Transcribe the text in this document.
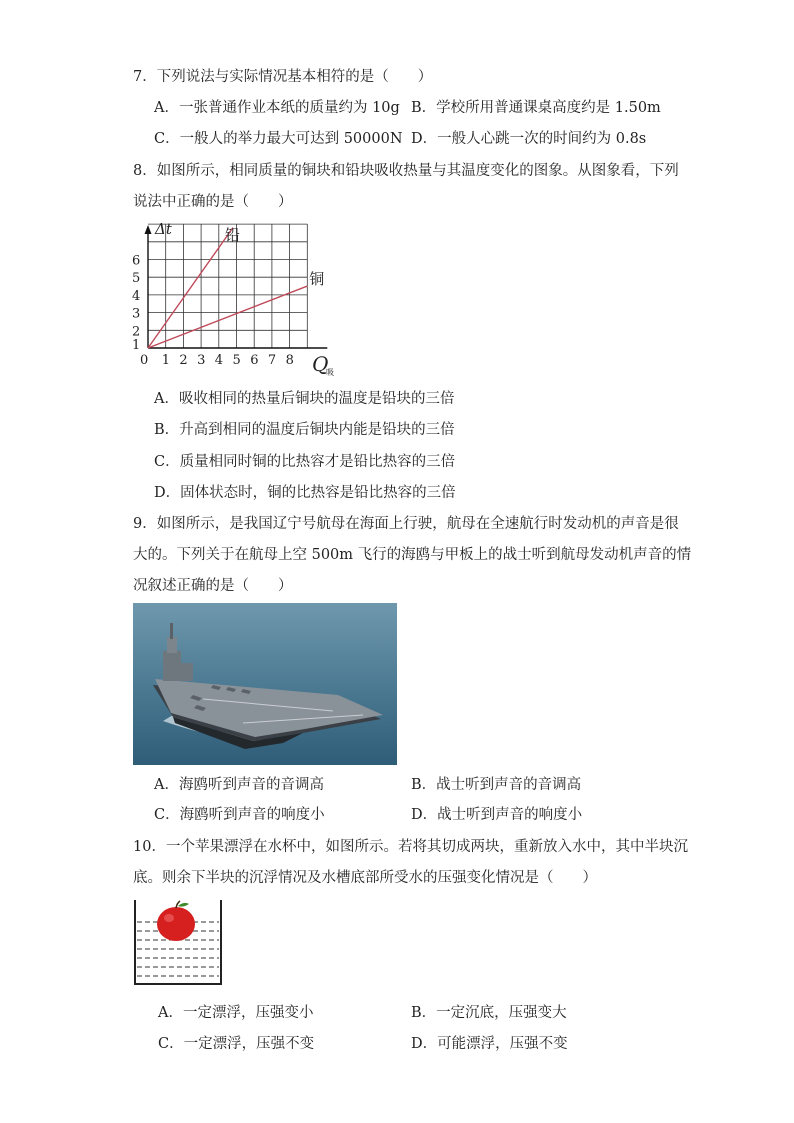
7．下列说法与实际情况基本相符的是（　　）
A．一张普通作业本纸的质量约为 10g B．学校所用普通课桌高度约是 1.50m
C．一般人的举力最大可达到 50000N D．一般人心跳一次的时间约为 0.8s
8．如图所示，相同质量的铜块和铅块吸收热量与其温度变化的图象。从图象看，下列
说法中正确的是（　　）
0 1 2 3 4 5 6 7 8
1
2
3
4
5
6
铅
铜
Δt
Q
吸
A．吸收相同的热量后铜块的温度是铅块的三倍
B．升高到相同的温度后铜块内能是铅块的三倍
C．质量相同时铜的比热容才是铅比热容的三倍
D．固体状态时，铜的比热容是铅比热容的三倍
9．如图所示，是我国辽宁号航母在海面上行驶，航母在全速航行时发动机的声音是很
大的。下列关于在航母上空 500m 飞行的海鸥与甲板上的战士听到航母发动机声音的情
况叙述正确的是（　　）
A．海鸥听到声音的音调高	B．战士听到声音的音调高
C．海鸥听到声音的响度小	D．战士听到声音的响度小
10．一个苹果漂浮在水杯中，如图所示。若将其切成两块，重新放入水中，其中半块沉
底。则余下半块的沉浮情况及水槽底部所受水的压强变化情况是（　　）
A．一定漂浮，压强变小	B．一定沉底，压强变大
C．一定漂浮，压强不变	D．可能漂浮，压强不变
